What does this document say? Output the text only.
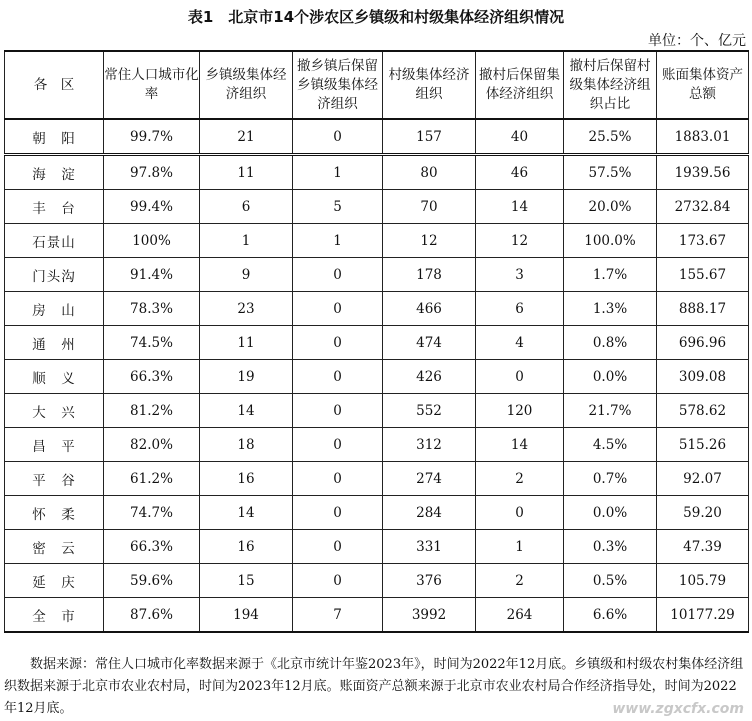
表1　北京市14个涉农区乡镇级和村级集体经济组织情况
单位：个、亿元
各　区	常住人口城市化率	乡镇级集体经济组织	撤乡镇后保留乡镇级集体经济组织	村级集体经济组织	撤村后保留集体经济组织	撤村后保留村级集体经济组织占比	账面集体资产总额
朝　阳	99.7%	21	0	157	40	25.5%	1883.01
海　淀	97.8%	11	1	80	46	57.5%	1939.56
丰　台	99.4%	6	5	70	14	20.0%	2732.84
石景山	100%	1	1	12	12	100.0%	173.67
门头沟	91.4%	9	0	178	3	1.7%	155.67
房　山	78.3%	23	0	466	6	1.3%	888.17
通　州	74.5%	11	0	474	4	0.8%	696.96
顺　义	66.3%	19	0	426	0	0.0%	309.08
大　兴	81.2%	14	0	552	120	21.7%	578.62
昌　平	82.0%	18	0	312	14	4.5%	515.26
平　谷	61.2%	16	0	274	2	0.7%	92.07
怀　柔	74.7%	14	0	284	0	0.0%	59.20
密　云	66.3%	16	0	331	1	0.3%	47.39
延　庆	59.6%	15	0	376	2	0.5%	105.79
全　市	87.6%	194	7	3992	264	6.6%	10177.29
数据来源：常住人口城市化率数据来源于《北京市统计年鉴2023年》，时间为2022年12月底。乡镇级和村级农村集体经济组织数据来源于北京市农业农村局，时间为2023年12月底。账面资产总额来源于北京市农业农村局合作经济指导处，时间为2022年12月底。	www.zgxcfx.com
